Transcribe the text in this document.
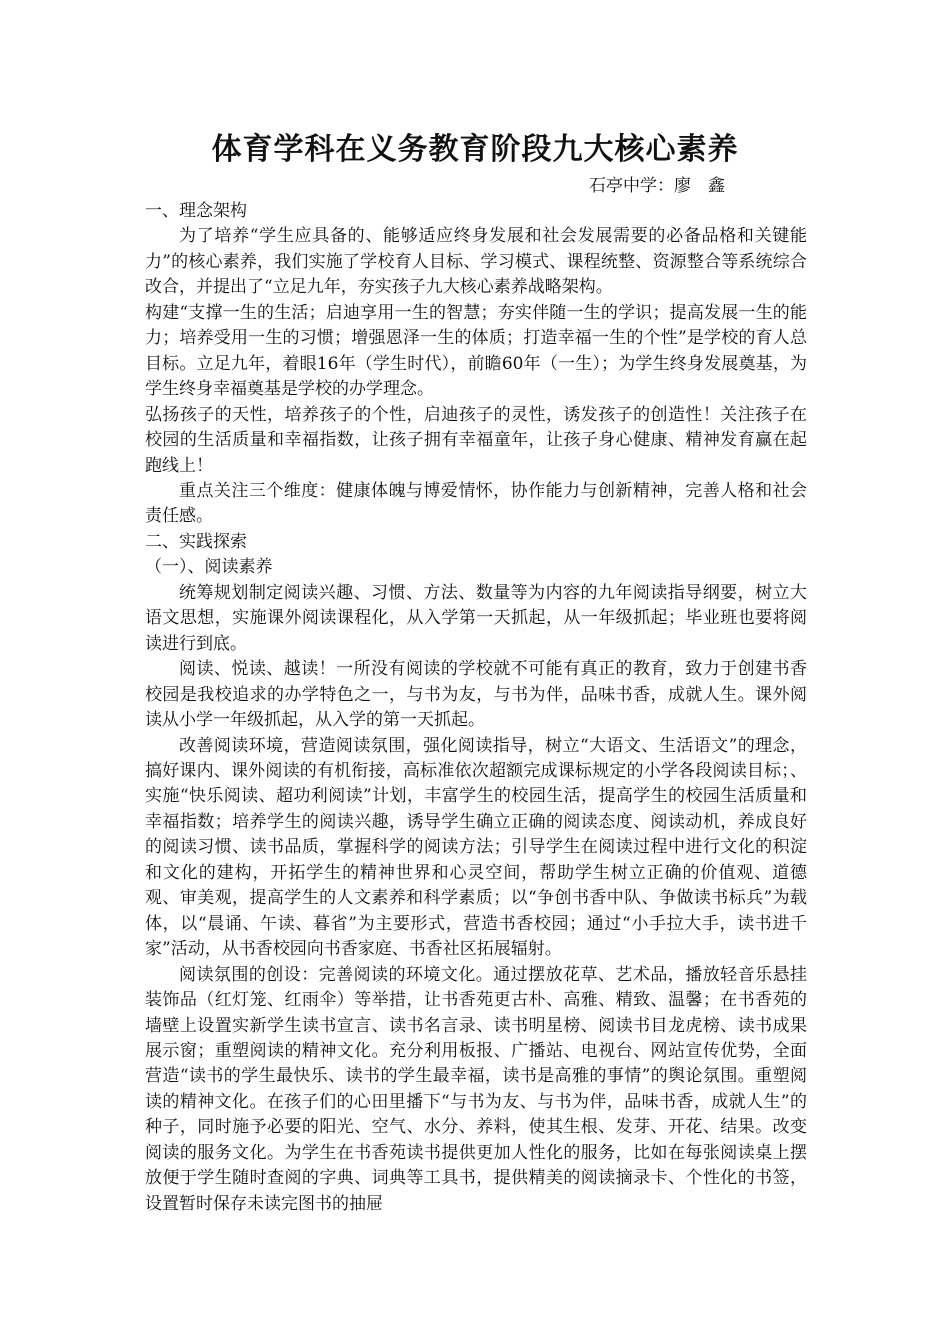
体育学科在义务教育阶段九大核心素养
石亭中学：廖　鑫

一、理念架构

为了培养“学生应具备的、能够适应终身发展和社会发展需要的必备品格和关键能力”的核心素养，我们实施了学校育人目标、学习模式、课程统整、资源整合等系统综合改合，并提出了“立足九年，夯实孩子九大核心素养战略架构。

构建“支撑一生的生活；启迪享用一生的智慧；夯实伴随一生的学识；提高发展一生的能力；培养受用一生的习惯；增强恩泽一生的体质；打造幸福一生的个性”是学校的育人总目标。立足九年，着眼16年（学生时代），前瞻60年（一生）；为学生终身发展奠基，为学生终身幸福奠基是学校的办学理念。

弘扬孩子的天性，培养孩子的个性，启迪孩子的灵性，诱发孩子的创造性！关注孩子在校园的生活质量和幸福指数，让孩子拥有幸福童年，让孩子身心健康、精神发育赢在起跑线上！

重点关注三个维度：健康体魄与博爱情怀，协作能力与创新精神，完善人格和社会责任感。

二、实践探索

（一）、阅读素养

统筹规划制定阅读兴趣、习惯、方法、数量等为内容的九年阅读指导纲要，树立大语文思想，实施课外阅读课程化，从入学第一天抓起，从一年级抓起；毕业班也要将阅读进行到底。

阅读、悦读、越读！一所没有阅读的学校就不可能有真正的教育，致力于创建书香校园是我校追求的办学特色之一，与书为友，与书为伴，品味书香，成就人生。课外阅读从小学一年级抓起，从入学的第一天抓起。

改善阅读环境，营造阅读氛围，强化阅读指导，树立“大语文、生活语文”的理念，搞好课内、课外阅读的有机衔接，高标准依次超额完成课标规定的小学各段阅读目标；、实施“快乐阅读、超功利阅读”计划，丰富学生的校园生活，提高学生的校园生活质量和幸福指数；培养学生的阅读兴趣，诱导学生确立正确的阅读态度、阅读动机，养成良好的阅读习惯、读书品质，掌握科学的阅读方法；引导学生在阅读过程中进行文化的积淀和文化的建构，开拓学生的精神世界和心灵空间，帮助学生树立正确的价值观、道德观、审美观，提高学生的人文素养和科学素质；以“争创书香中队、争做读书标兵”为载体，以“晨诵、午读、暮省”为主要形式，营造书香校园；通过“小手拉大手，读书进千家”活动，从书香校园向书香家庭、书香社区拓展辐射。

阅读氛围的创设：完善阅读的环境文化。通过摆放花草、艺术品，播放轻音乐悬挂装饰品（红灯笼、红雨伞）等举措，让书香苑更古朴、高雅、精致、温馨；在书香苑的墙壁上设置实新学生读书宣言、读书名言录、读书明星榜、阅读书目龙虎榜、读书成果展示窗；重塑阅读的精神文化。充分利用板报、广播站、电视台、网站宣传优势，全面营造“读书的学生最快乐、读书的学生最幸福，读书是高雅的事情”的舆论氛围。重塑阅读的精神文化。在孩子们的心田里播下“与书为友、与书为伴，品味书香，成就人生”的种子，同时施予必要的阳光、空气、水分、养料，使其生根、发芽、开花、结果。改变阅读的服务文化。为学生在书香苑读书提供更加人性化的服务，比如在每张阅读桌上摆放便于学生随时查阅的字典、词典等工具书，提供精美的阅读摘录卡、个性化的书签，设置暂时保存未读完图书的抽屉
